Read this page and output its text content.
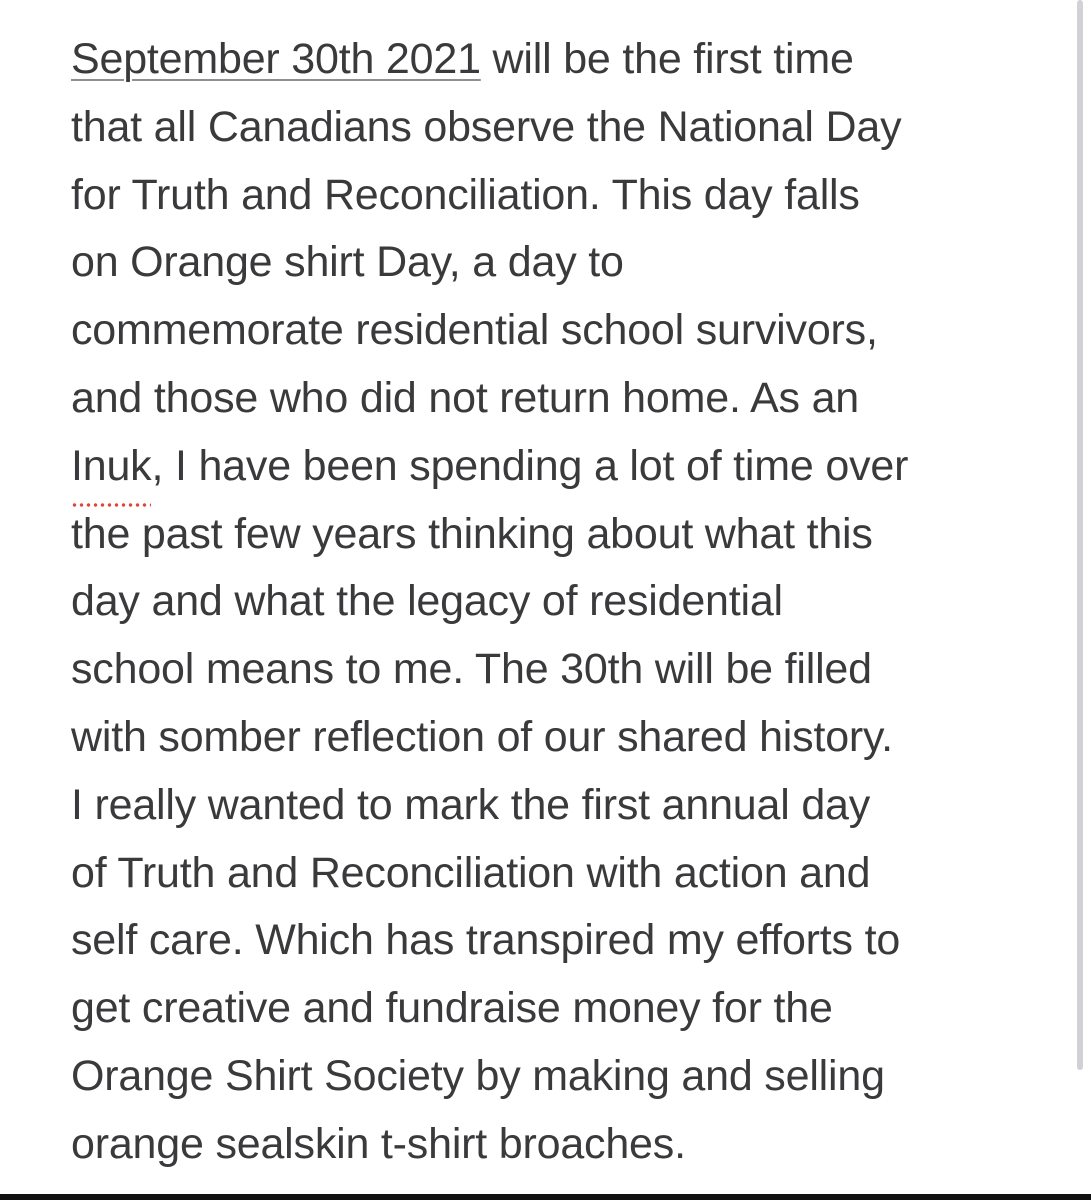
September 30th 2021 will be the first time
that all Canadians observe the National Day
for Truth and Reconciliation. This day falls
on Orange shirt Day, a day to
commemorate residential school survivors,
and those who did not return home. As an
Inuk, I have been spending a lot of time over
the past few years thinking about what this
day and what the legacy of residential
school means to me. The 30th will be filled
with somber reflection of our shared history.
I really wanted to mark the first annual day
of Truth and Reconciliation with action and
self care. Which has transpired my efforts to
get creative and fundraise money for the
Orange Shirt Society by making and selling
orange sealskin t-shirt broaches.
